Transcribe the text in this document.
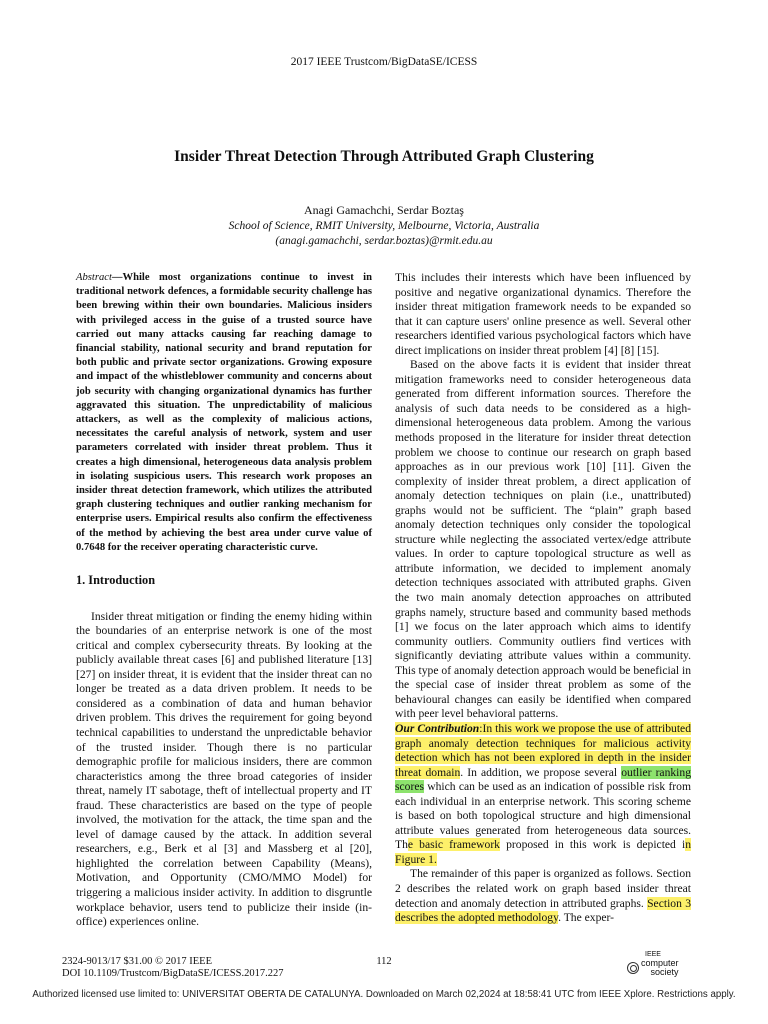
2017 IEEE Trustcom/BigDataSE/ICESS
Insider Threat Detection Through Attributed Graph Clustering
Anagi Gamachchi, Serdar Boztaş
School of Science, RMIT University, Melbourne, Victoria, Australia
(anagi.gamachchi, serdar.boztas)@rmit.edu.au
Abstract—While most organizations continue to invest in traditional network defences, a formidable security challenge has been brewing within their own boundaries. Malicious insiders with privileged access in the guise of a trusted source have carried out many attacks causing far reaching damage to financial stability, national security and brand reputation for both public and private sector organizations. Growing exposure and impact of the whistleblower community and concerns about job security with changing organizational dynamics has further aggravated this situation. The unpredictability of malicious attackers, as well as the complexity of malicious actions, necessitates the careful analysis of network, system and user parameters correlated with insider threat problem. Thus it creates a high dimensional, heterogeneous data analysis problem in isolating suspicious users. This research work proposes an insider threat detection framework, which utilizes the attributed graph clustering techniques and outlier ranking mechanism for enterprise users. Empirical results also confirm the effectiveness of the method by achieving the best area under curve value of 0.7648 for the receiver operating characteristic curve.
1. Introduction

Insider threat mitigation or finding the enemy hiding within the boundaries of an enterprise network is one of the most critical and complex cybersecurity threats. By looking at the publicly available threat cases [6] and published literature [13] [27] on insider threat, it is evident that the insider threat can no longer be treated as a data driven problem. It needs to be considered as a combination of data and human behavior driven problem. This drives the requirement for going beyond technical capabilities to understand the unpredictable behavior of the trusted insider. Though there is no particular demographic profile for malicious insiders, there are common characteristics among the three broad categories of insider threat, namely IT sabotage, theft of intellectual property and IT fraud. These characteristics are based on the type of people involved, the motivation for the attack, the time span and the level of damage caused by the attack. In addition several researchers, e.g., Berk et al [3] and Massberg et al [20], highlighted the correlation between Capability (Means), Motivation, and Opportunity (CMO/MMO Model) for triggering a malicious insider activity. In addition to disgruntle workplace behavior, users tend to publicize their inside (in-office) experiences online.

This includes their interests which have been influenced by positive and negative organizational dynamics. Therefore the insider threat mitigation framework needs to be expanded so that it can capture users' online presence as well. Several other researchers identified various psychological factors which have direct implications on insider threat problem [4] [8] [15].

Based on the above facts it is evident that insider threat mitigation frameworks need to consider heterogeneous data generated from different information sources. Therefore the analysis of such data needs to be considered as a high-dimensional heterogeneous data problem. Among the various methods proposed in the literature for insider threat detection problem we choose to continue our research on graph based approaches as in our previous work [10] [11]. Given the complexity of insider threat problem, a direct application of anomaly detection techniques on plain (i.e., unattributed) graphs would not be sufficient. The “plain” graph based anomaly detection techniques only consider the topological structure while neglecting the associated vertex/edge attribute values. In order to capture topological structure as well as attribute information, we decided to implement anomaly detection techniques associated with attributed graphs. Given the two main anomaly detection approaches on attributed graphs namely, structure based and community based methods [1] we focus on the later approach which aims to identify community outliers. Community outliers find vertices with significantly deviating attribute values within a community. This type of anomaly detection approach would be beneficial in the special case of insider threat problem as some of the behavioural changes can easily be identified when compared with peer level behavioral patterns.

Our Contribution:In this work we propose the use of attributed graph anomaly detection techniques for malicious activity detection which has not been explored in depth in the insider threat domain. In addition, we propose several outlier ranking scores which can be used as an indication of possible risk from each individual in an enterprise network. This scoring scheme is based on both topological structure and high dimensional attribute values generated from heterogeneous data sources. The basic framework proposed in this work is depicted in Figure 1.

The remainder of this paper is organized as follows. Section 2 describes the related work on graph based insider threat detection and anomaly detection in attributed graphs. Section 3 describes the adopted methodology. The exper-

2324-9013/17 $31.00 © 2017 IEEE
DOI 10.1109/Trustcom/BigDataSE/ICESS.2017.227
112
IEEE
computer
society
Authorized licensed use limited to: UNIVERSITAT OBERTA DE CATALUNYA. Downloaded on March 02,2024 at 18:58:41 UTC from IEEE Xplore. Restrictions apply.
